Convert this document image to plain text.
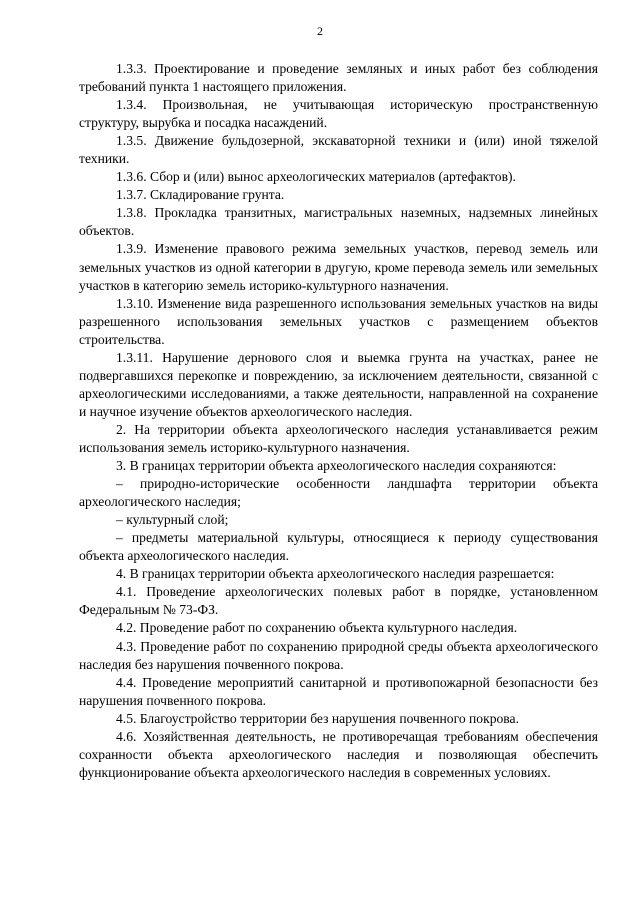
2

1.3.3. Проектирование и проведение земляных и иных работ без соблюдения требований пункта 1 настоящего приложения.

1.3.4. Произвольная, не учитывающая историческую пространственную структуру, вырубка и посадка насаждений.

1.3.5. Движение бульдозерной, экскаваторной техники и (или) иной тяжелой техники.

1.3.6. Сбор и (или) вынос археологических материалов (артефактов).

1.3.7. Складирование грунта.

1.3.8. Прокладка транзитных, магистральных наземных, надземных линейных объектов.

1.3.9. Изменение правового режима земельных участков, перевод земель или земельных участков из одной категории в другую, кроме перевода земель или земельных участков в категорию земель историко-культурного назначения.

1.3.10. Изменение вида разрешенного использования земельных участков на виды разрешенного использования земельных участков с размещением объектов строительства.

1.3.11. Нарушение дернового слоя и выемка грунта на участках, ранее не подвергавшихся перекопке и повреждению, за исключением деятельности, связанной с археологическими исследованиями, а также деятельности, направленной на сохранение и научное изучение объектов археологического наследия.

2. На территории объекта археологического наследия устанавливается режим использования земель историко-культурного назначения.

3. В границах территории объекта археологического наследия сохраняются:

– природно-исторические особенности ландшафта территории объекта археологического наследия;

– культурный слой;

– предметы материальной культуры, относящиеся к периоду существования объекта археологического наследия.

4. В границах территории объекта археологического наследия разрешается:

4.1. Проведение археологических полевых работ в порядке, установленном Федеральным № 73-ФЗ.

4.2. Проведение работ по сохранению объекта культурного наследия.

4.3. Проведение работ по сохранению природной среды объекта археологического наследия без нарушения почвенного покрова.

4.4. Проведение мероприятий санитарной и противопожарной безопасности без нарушения почвенного покрова.

4.5. Благоустройство территории без нарушения почвенного покрова.

4.6. Хозяйственная деятельность, не противоречащая требованиям обеспечения сохранности объекта археологического наследия и позволяющая обеспечить функционирование объекта археологического наследия в современных условиях.
